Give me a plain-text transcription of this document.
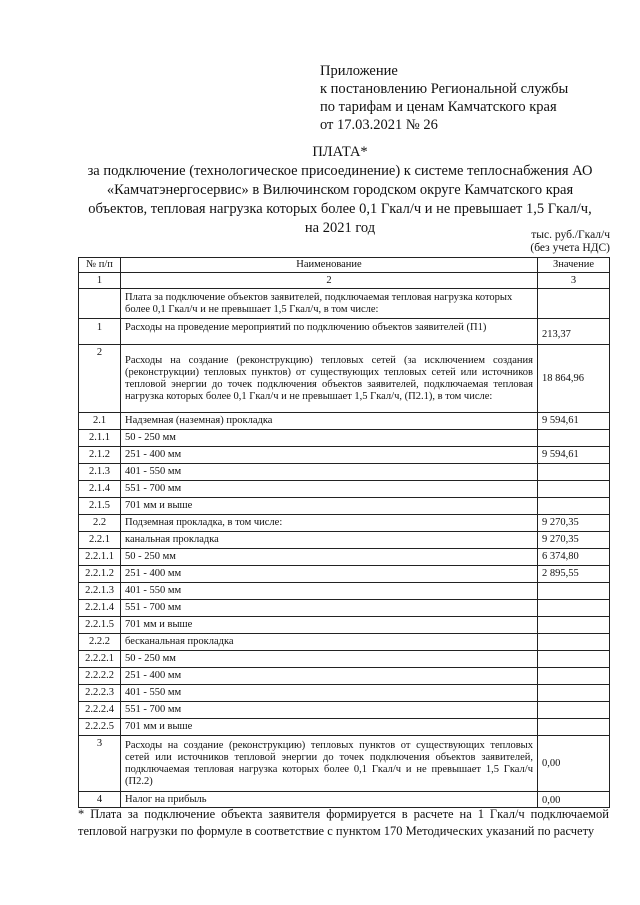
Приложение
к постановлению Региональной службы
по тарифам и ценам Камчатского края
от 17.03.2021 № 26
ПЛАТА*
за подключение (технологическое присоединение) к системе теплоснабжения АО
«Камчатэнергосервис» в Вилючинском городском округе Камчатского края
объектов, тепловая нагрузка которых более 0,1 Гкал/ч и не превышает 1,5 Гкал/ч,
на 2021 год	тыс. руб./Гкал/ч
(без учета НДС)
№ п/п	Наименование	Значение
1	2	3
	Плата за подключение объектов заявителей, подключаемая тепловая нагрузка которых более 0,1 Гкал/ч и не превышает 1,5 Гкал/ч, в том числе:	
1	Расходы на проведение мероприятий по подключению объектов заявителей (П1)	213,37
2	Расходы на создание (реконструкцию) тепловых сетей (за исключением создания (реконструкции) тепловых пунктов) от существующих тепловых сетей или источников тепловой энергии до точек подключения объектов заявителей, подключаемая тепловая нагрузка которых более 0,1 Гкал/ч и не превышает 1,5 Гкал/ч, (П2.1), в том числе:	18 864,96
2.1	Надземная (наземная) прокладка	9 594,61
2.1.1	50 - 250 мм	
2.1.2	251 - 400 мм	9 594,61
2.1.3	401 - 550 мм	
2.1.4	551 - 700 мм	
2.1.5	701 мм и выше	
2.2	Подземная прокладка, в том числе:	9 270,35
2.2.1	канальная прокладка	9 270,35
2.2.1.1	50 - 250 мм	6 374,80
2.2.1.2	251 - 400 мм	2 895,55
2.2.1.3	401 - 550 мм	
2.2.1.4	551 - 700 мм	
2.2.1.5	701 мм и выше	
2.2.2	бесканальная прокладка	
2.2.2.1	50 - 250 мм	
2.2.2.2	251 - 400 мм	
2.2.2.3	401 - 550 мм	
2.2.2.4	551 - 700 мм	
2.2.2.5	701 мм и выше	
3	Расходы на создание (реконструкцию) тепловых пунктов от существующих тепловых сетей или источников тепловой энергии до точек подключения объектов заявителей, подключаемая тепловая нагрузка которых более 0,1 Гкал/ч и не превышает 1,5 Гкал/ч (П2.2)	0,00
4	Налог на прибыль	0,00
* Плата за подключение объекта заявителя формируется в расчете на 1 Гкал/ч подключаемой тепловой нагрузки по формуле в соответствие с пунктом 170 Методических указаний по расчету
